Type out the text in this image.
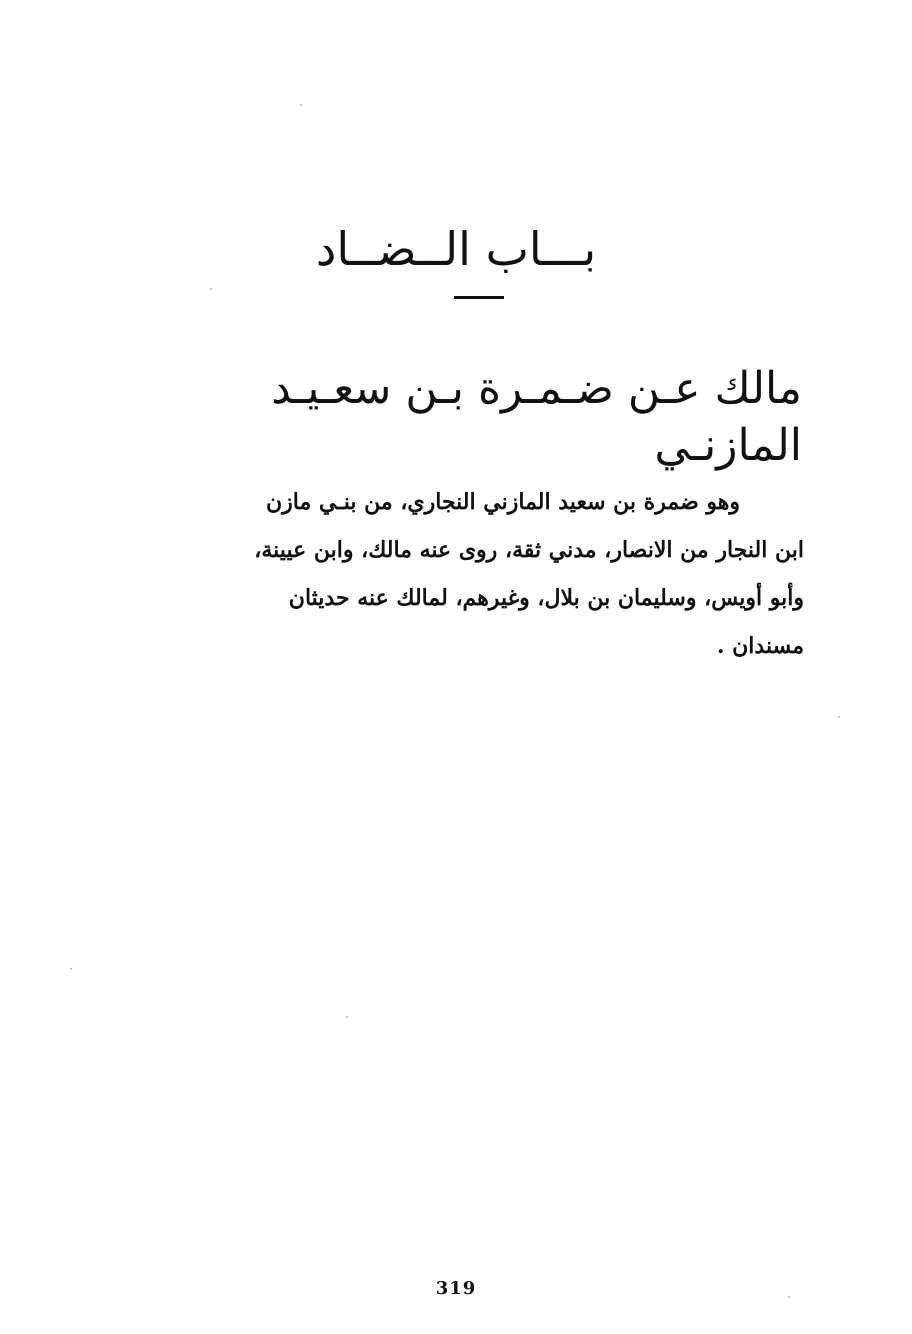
بـــاب الــضــاد
مالك عـن ضـمـرة بـن سعـيـد المازنـي
وهو ضمرة بن سعيد المازني النجاري، من بنـي مازن
ابن النجار من الانصار، مدني ثقة، روى عنه مالك، وابن عيينة،
وأبو أويس، وسليمان بن بلال، وغيرهم، لمالك عنه حديثان
مسندان .
319
